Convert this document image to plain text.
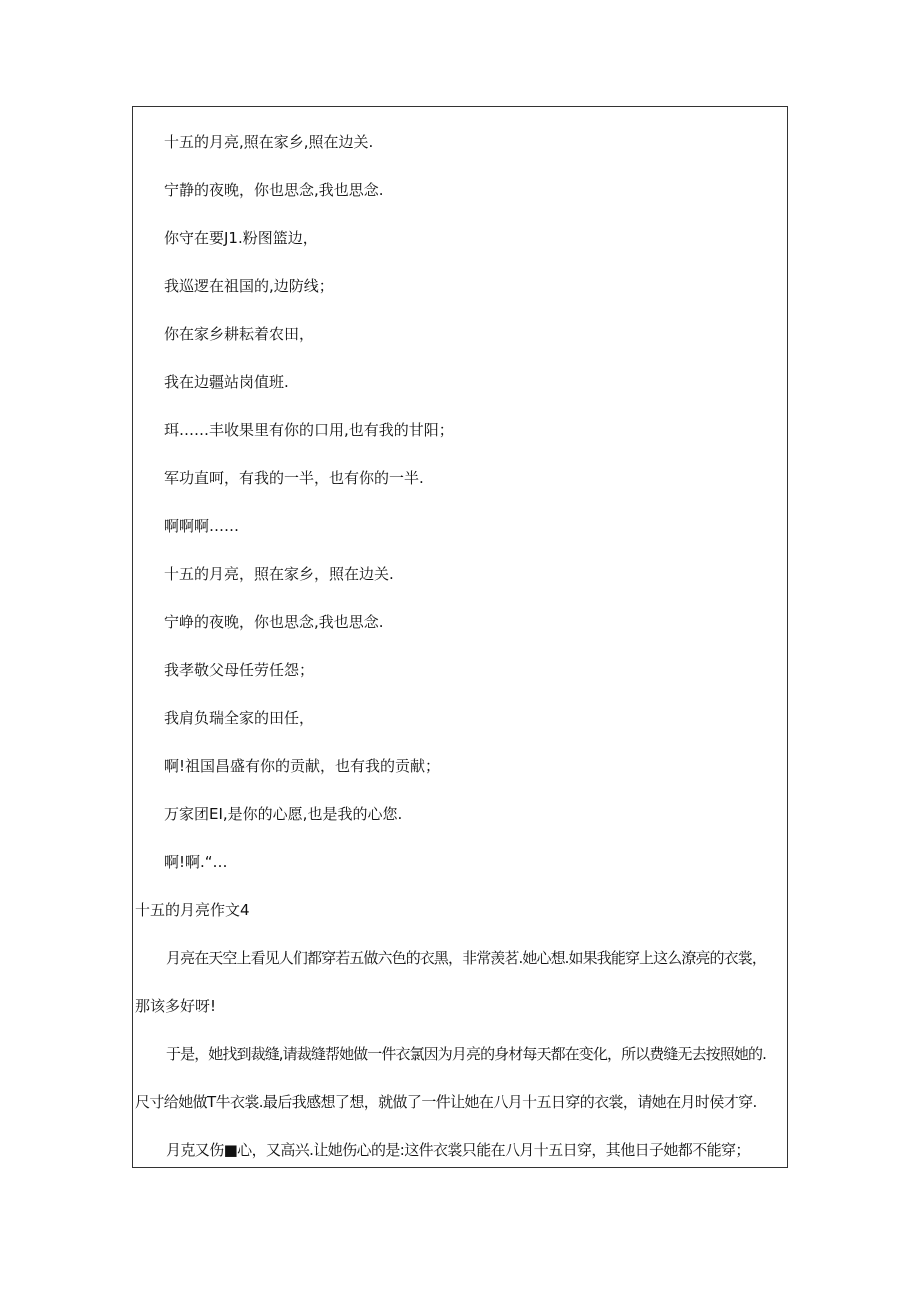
十五的月亮,照在家乡,照在边关.
宁静的夜晚，你也思念,我也思念.
你守在要J1.粉图篮边，
我巡逻在祖国的,边防线；
你在家乡耕耘着农田，
我在边疆站岗值班.
珥……丰收果里有你的口用,也有我的甘阳；
军功直呵，有我的一半，也有你的一半.
啊啊啊……
十五的月亮，照在家乡，照在边关.
宁峥的夜晚，你也思念,我也思念.
我孝敬父母任劳任怨；
我肩负瑞全家的田任，
啊!祖国昌盛有你的贡献，也有我的贡献；
万家团EI,是你的心愿,也是我的心您.
啊!啊.“…
十五的月亮作文4
月亮在天空上看见人们都穿若五做六色的衣黑，非常羡茗.她心想.如果我能穿上这么潦亮的衣裳，
那该多好呀!
于是，她找到裁缝,请裁缝帮她做一件衣氯因为月亮的身材每天都在变化，所以费缝无去按照她的.
尺寸给她做T牛衣裳.最后我感想了想，就做了一件让她在八月十五日穿的衣裳，请她在月时侯才穿.
月克又伤■心，又高兴.让她伤心的是:这件衣裳只能在八月十五日穿，其他日子她都不能穿；
